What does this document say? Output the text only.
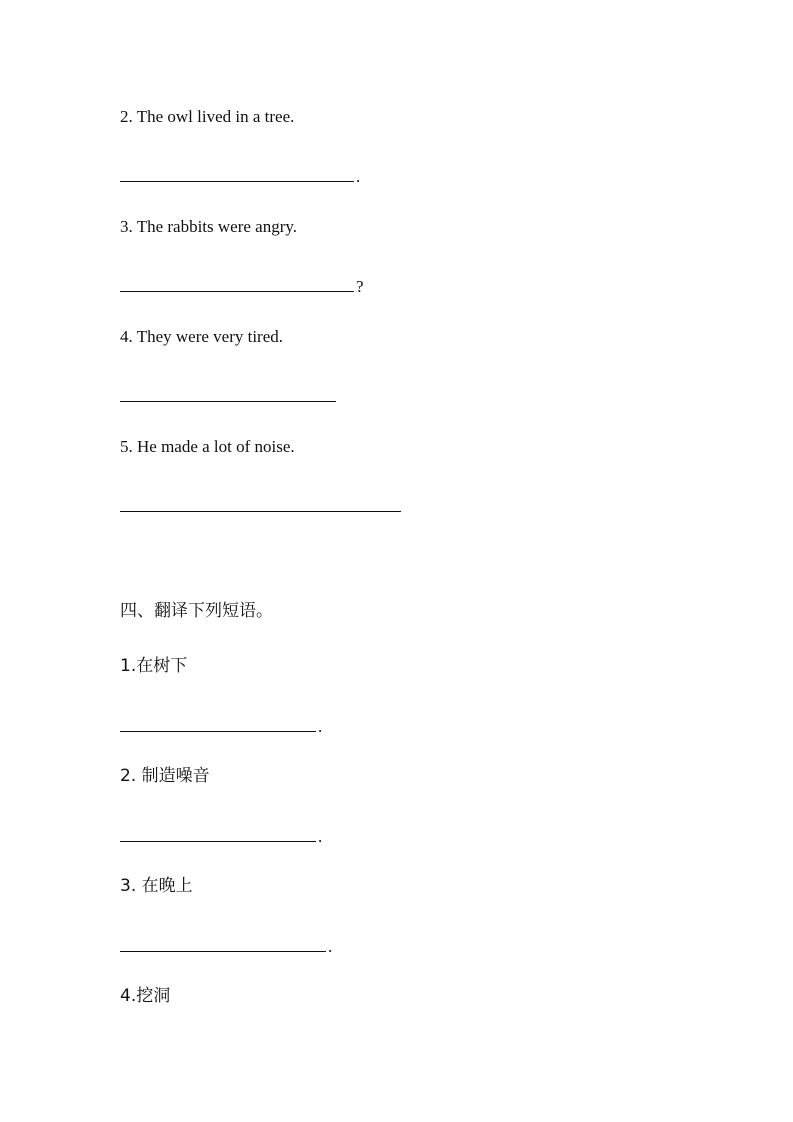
2. The owl lived in a tree.
.
3. The rabbits were angry.
?
4. They were very tired.
5. He made a lot of noise.
四、翻译下列短语。
1.在树下
.
2. 制造噪音
.
3. 在晚上
.
4.挖洞
